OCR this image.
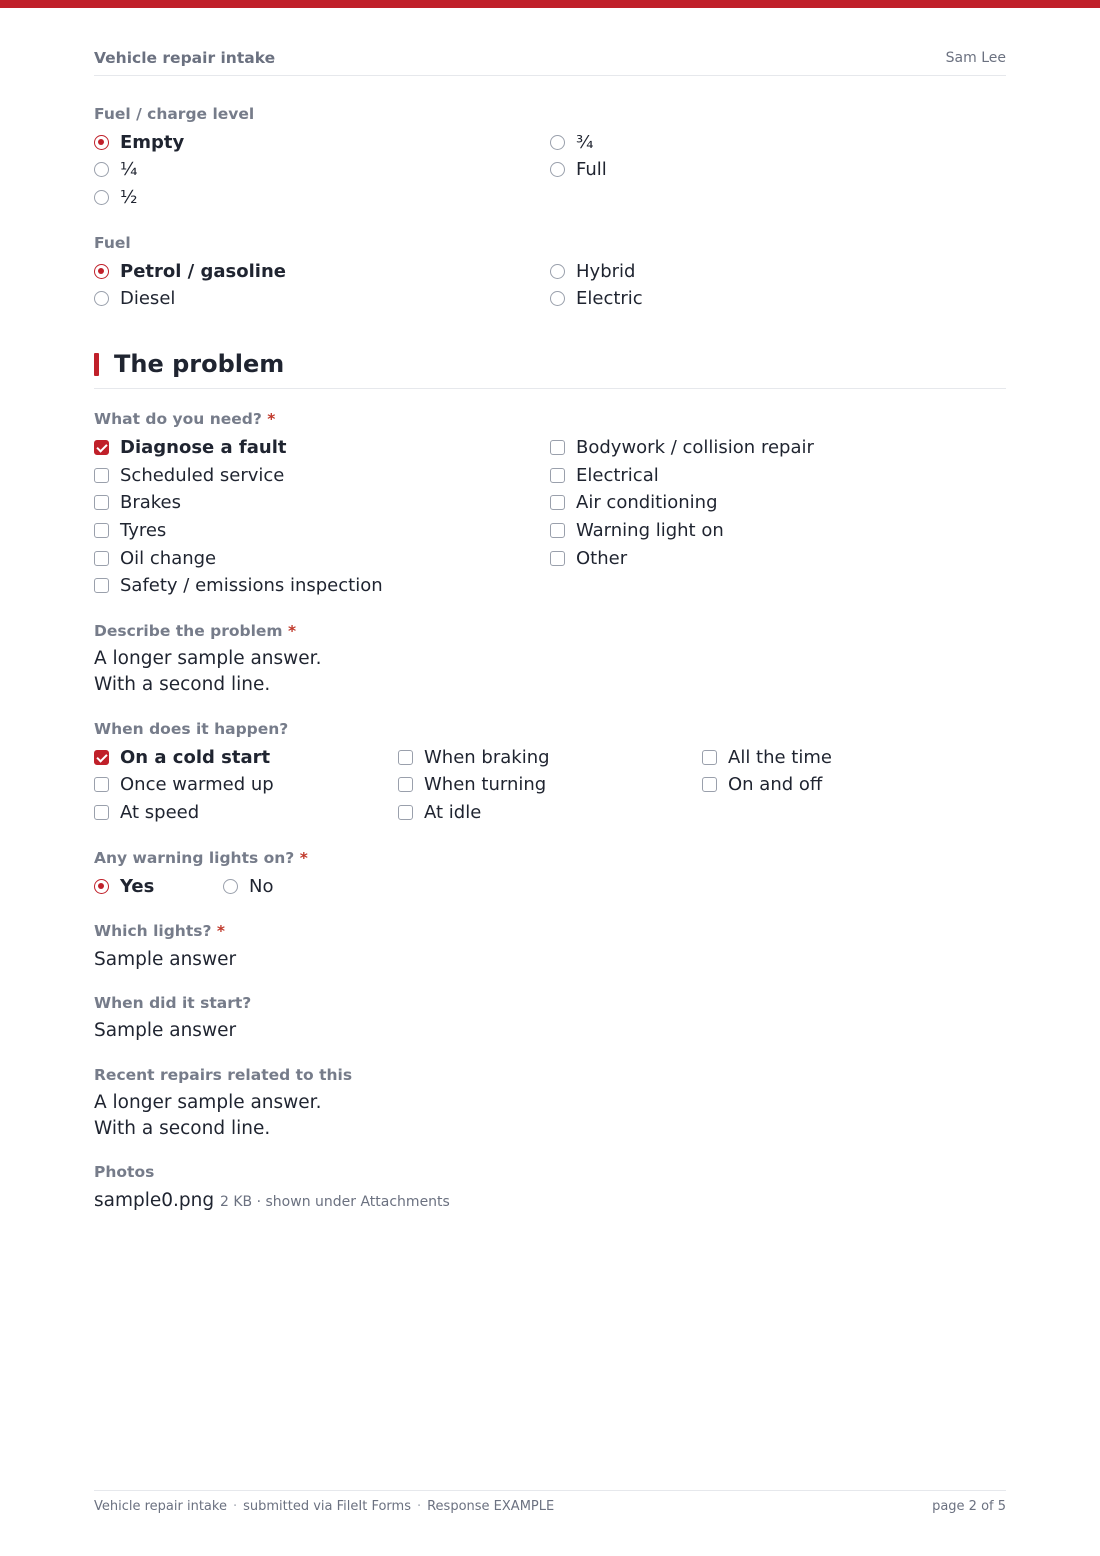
Vehicle repair intake	Sam Lee
Fuel / charge level
Empty
¼
½
¾
Full
Fuel
Petrol / gasoline
Diesel
Hybrid
Electric
The problem
What do you need? *
Diagnose a fault
Scheduled service
Brakes
Tyres
Oil change
Safety / emissions inspection
Bodywork / collision repair
Electrical
Air conditioning
Warning light on
Other
Describe the problem *
A longer sample answer.
With a second line.
When does it happen?
On a cold start
Once warmed up
At speed
When braking
When turning
At idle
All the time
On and off
Any warning lights on? *
Yes	No
Which lights? *
Sample answer
When did it start?
Sample answer
Recent repairs related to this
A longer sample answer.
With a second line.
Photos
sample0.png 2 KB · shown under Attachments
Vehicle repair intake · submitted via FileIt Forms · Response EXAMPLE	page 2 of 5
